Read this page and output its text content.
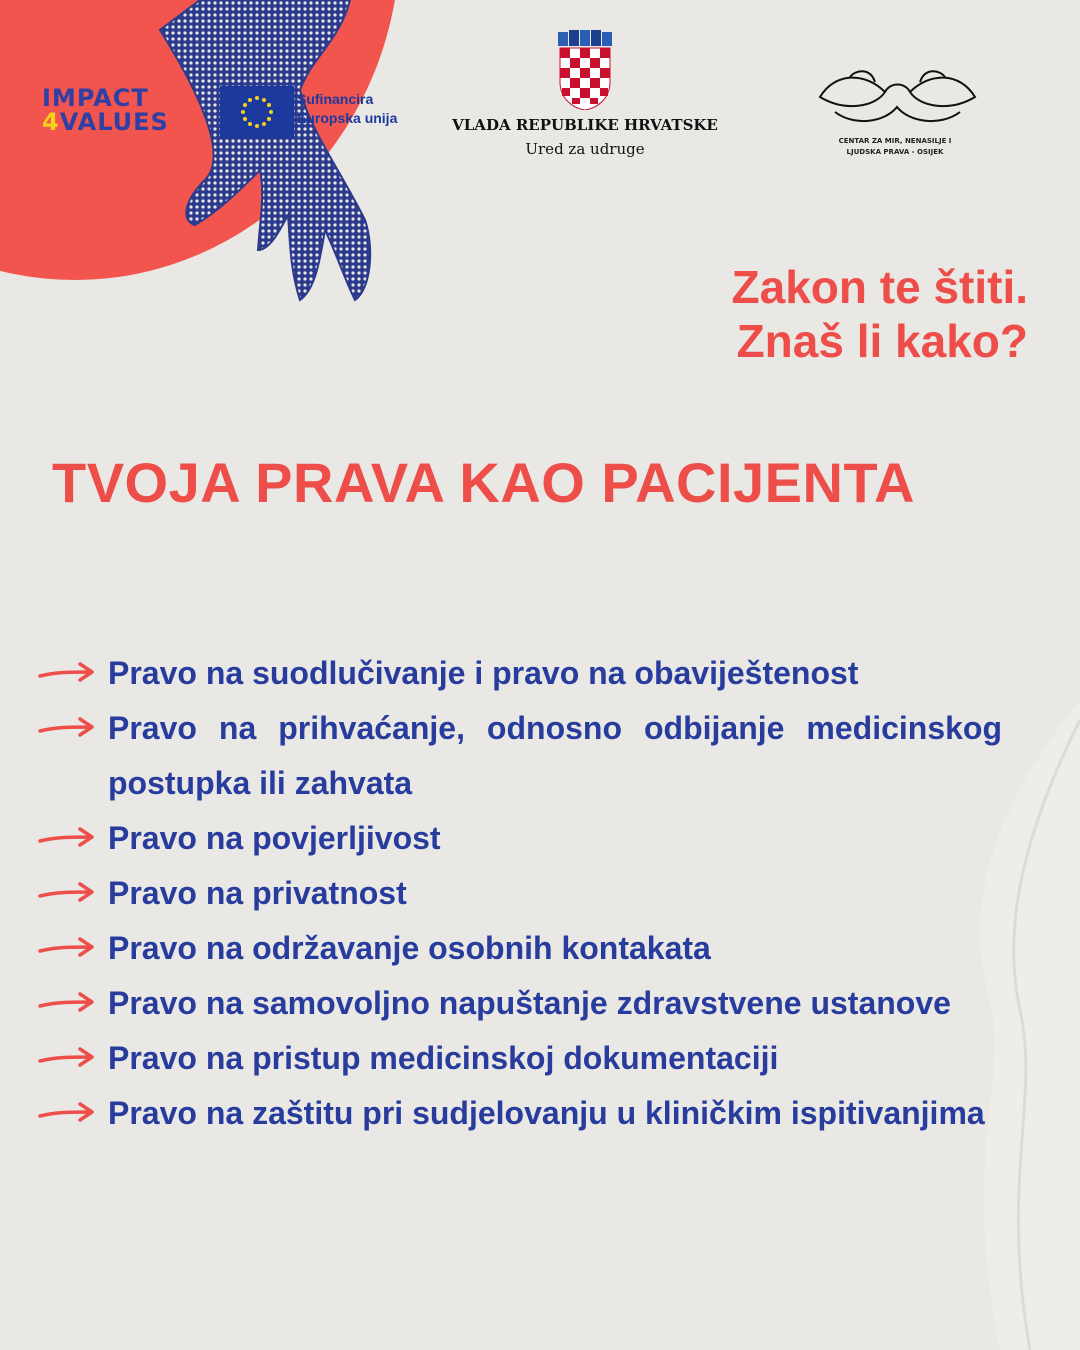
IMPACT
4VALUES
Sufinancira
Europska unija	VLADA REPUBLIKE HRVATSKE
Ured za udruge	CENTAR ZA MIR, NENASILJE I
LJUDSKA PRAVA - OSIJEK
Zakon te štiti.
Znaš li kako?
TVOJA PRAVA KAO PACIJENTA
Pravo na suodlučivanje i pravo na obaviještenost
Pravo na prihvaćanje, odnosno odbijanje medicinskog postupka ili zahvata
Pravo na povjerljivost
Pravo na privatnost
Pravo na održavanje osobnih kontakata
Pravo na samovoljno napuštanje zdravstvene ustanove
Pravo na pristup medicinskoj dokumentaciji
Pravo na zaštitu pri sudjelovanju u kliničkim ispitivanjima
